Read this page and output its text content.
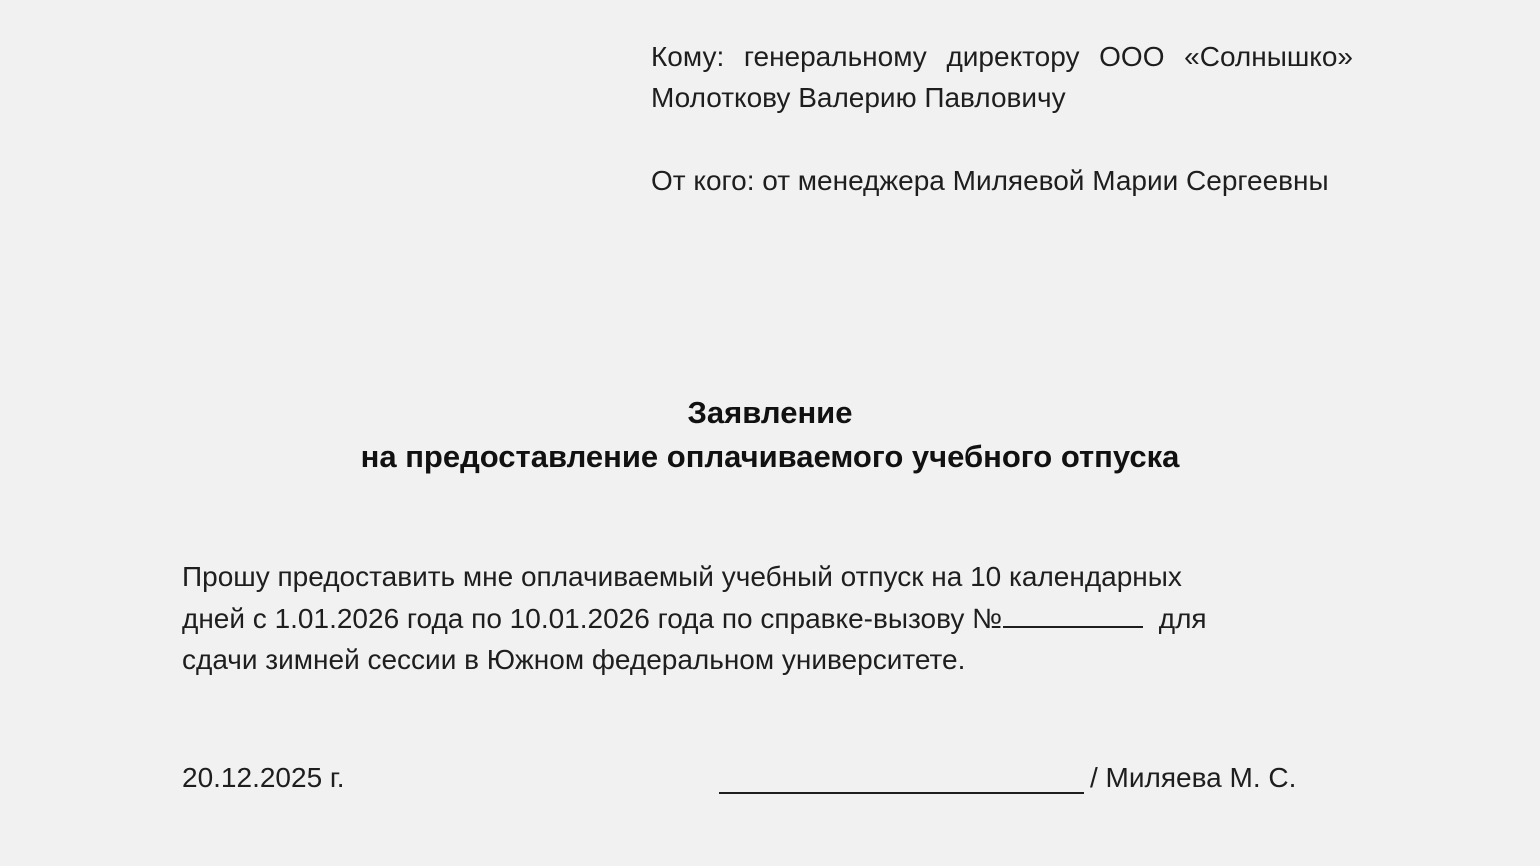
Кому: генеральному директору ООО «Солнышко» Молоткову Валерию Павловичу
От кого: от менеджера Миляевой Марии Сергеевны
Заявление
на предоставление оплачиваемого учебного отпуска
Прошу предоставить мне оплачиваемый учебный отпуск на 10 календарных
дней с 1.01.2026 года по 10.01.2026 года по справке-вызову №	для
сдачи зимней сессии в Южном федеральном университете.
20.12.2025 г.	/ Миляева М. С.
